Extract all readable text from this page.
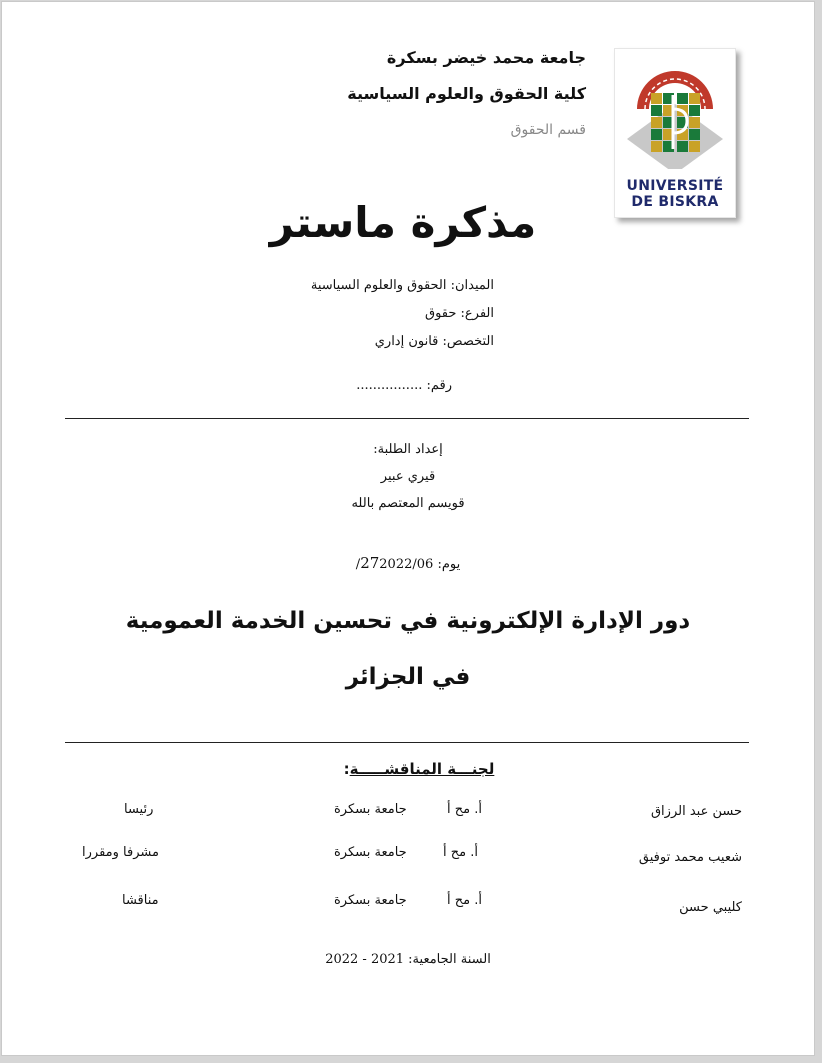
جامعة محمد خيضر بسكرة
كلية الحقوق والعلوم السياسية
قسم الحقوق
UNIVERSITÉ
DE BISKRA
مذكرة ماستر
الميدان: الحقوق والعلوم السياسية
الفرع: حقوق
التخصص: قانون إداري
رقم: ................
إعداد الطلبة:
قيري عبير
قويسم المعتصم بالله
يوم: 272022/06/
دور الإدارة الإلكترونية في تحسين الخدمة العمومية
في الجزائر
لجنـــة المناقشـــــة:
حسن عبد الرزاق
أ. مح أ
جامعة بسكرة
رئيسا
شعيب محمد توفيق
أ. مح أ
جامعة بسكرة
مشرفا ومقررا
كليبي حسن
أ. مح أ
جامعة بسكرة
مناقشا
السنة الجامعية: 2021 - 2022
